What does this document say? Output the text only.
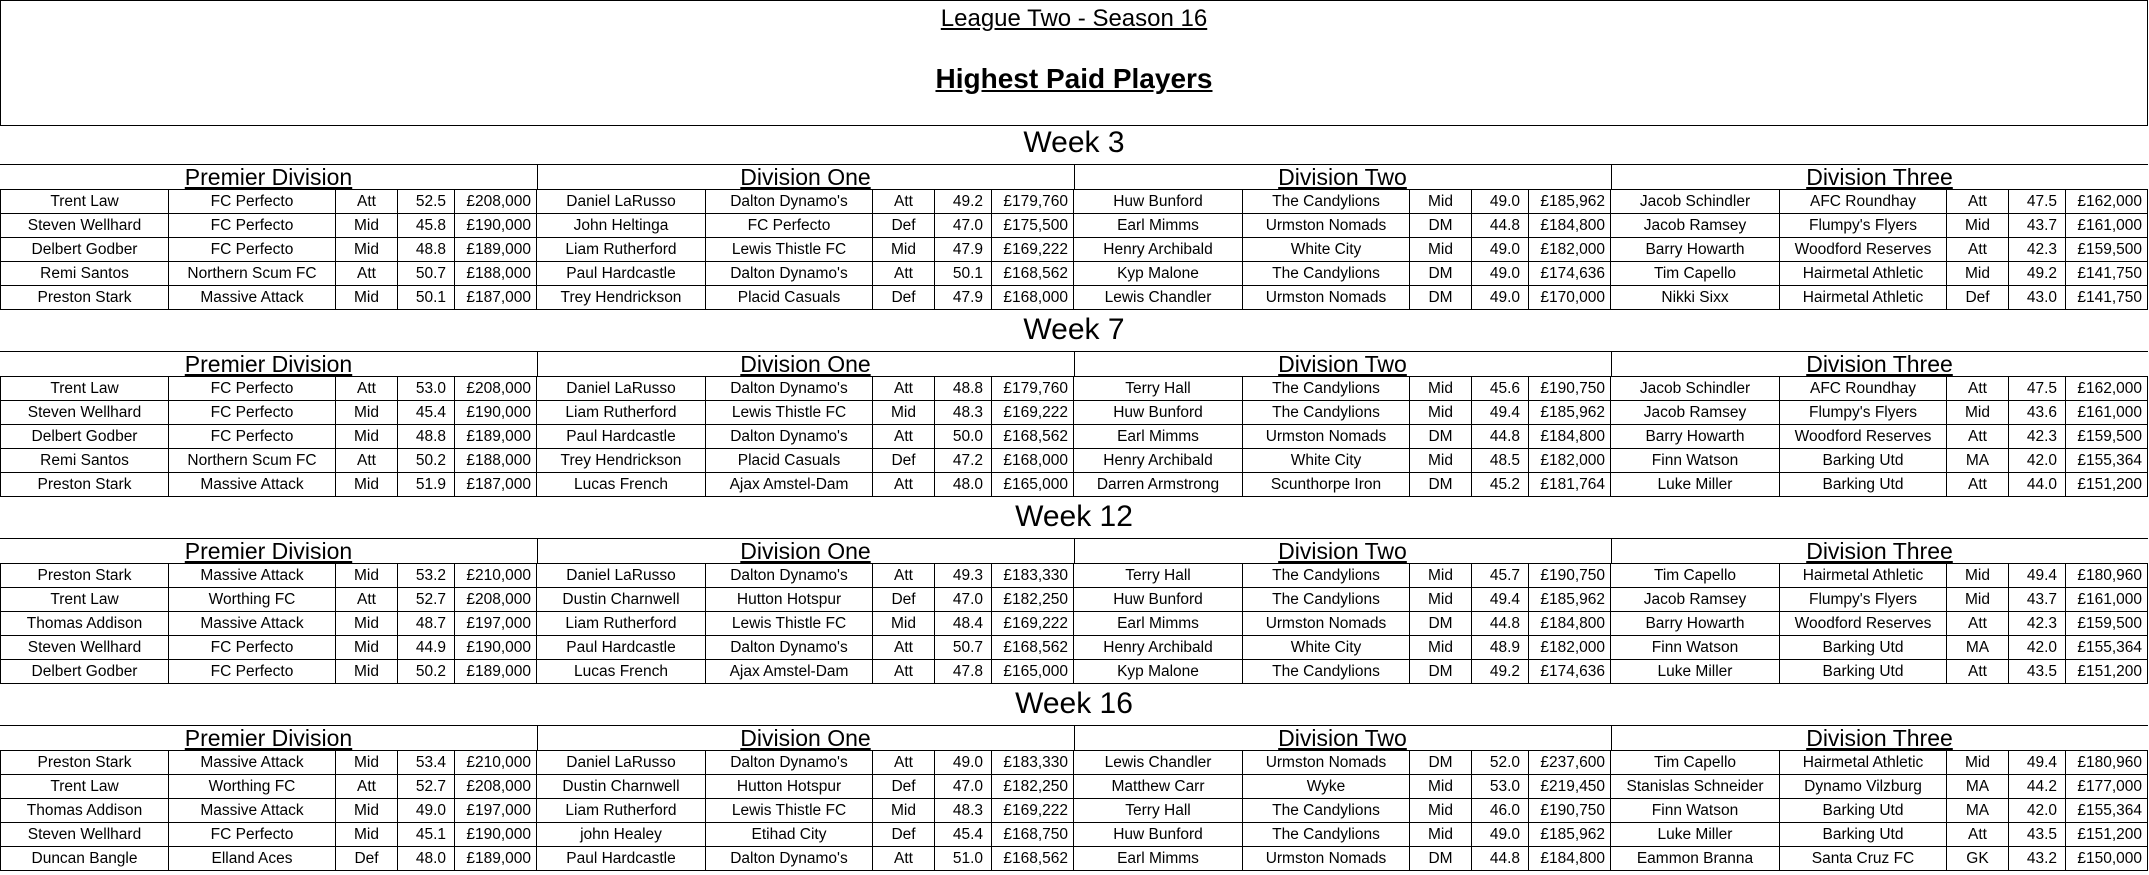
League Two - Season 16
Highest Paid Players
Week 3
Premier Division	Division One	Division Two	Division Three
Trent Law	FC Perfecto	Att	52.5	£208,000	Daniel LaRusso	Dalton Dynamo's	Att	49.2	£179,760	Huw Bunford	The Candylions	Mid	49.0	£185,962	Jacob Schindler	AFC Roundhay	Att	47.5	£162,000
Steven Wellhard	FC Perfecto	Mid	45.8	£190,000	John Heltinga	FC Perfecto	Def	47.0	£175,500	Earl Mimms	Urmston Nomads	DM	44.8	£184,800	Jacob Ramsey	Flumpy's Flyers	Mid	43.7	£161,000
Delbert Godber	FC Perfecto	Mid	48.8	£189,000	Liam Rutherford	Lewis Thistle FC	Mid	47.9	£169,222	Henry Archibald	White City	Mid	49.0	£182,000	Barry Howarth	Woodford Reserves	Att	42.3	£159,500
Remi Santos	Northern Scum FC	Att	50.7	£188,000	Paul Hardcastle	Dalton Dynamo's	Att	50.1	£168,562	Kyp Malone	The Candylions	DM	49.0	£174,636	Tim Capello	Hairmetal Athletic	Mid	49.2	£141,750
Preston Stark	Massive Attack	Mid	50.1	£187,000	Trey Hendrickson	Placid Casuals	Def	47.9	£168,000	Lewis Chandler	Urmston Nomads	DM	49.0	£170,000	Nikki Sixx	Hairmetal Athletic	Def	43.0	£141,750
Week 7
Premier Division	Division One	Division Two	Division Three
Trent Law	FC Perfecto	Att	53.0	£208,000	Daniel LaRusso	Dalton Dynamo's	Att	48.8	£179,760	Terry Hall	The Candylions	Mid	45.6	£190,750	Jacob Schindler	AFC Roundhay	Att	47.5	£162,000
Steven Wellhard	FC Perfecto	Mid	45.4	£190,000	Liam Rutherford	Lewis Thistle FC	Mid	48.3	£169,222	Huw Bunford	The Candylions	Mid	49.4	£185,962	Jacob Ramsey	Flumpy's Flyers	Mid	43.6	£161,000
Delbert Godber	FC Perfecto	Mid	48.8	£189,000	Paul Hardcastle	Dalton Dynamo's	Att	50.0	£168,562	Earl Mimms	Urmston Nomads	DM	44.8	£184,800	Barry Howarth	Woodford Reserves	Att	42.3	£159,500
Remi Santos	Northern Scum FC	Att	50.2	£188,000	Trey Hendrickson	Placid Casuals	Def	47.2	£168,000	Henry Archibald	White City	Mid	48.5	£182,000	Finn Watson	Barking Utd	MA	42.0	£155,364
Preston Stark	Massive Attack	Mid	51.9	£187,000	Lucas French	Ajax Amstel-Dam	Att	48.0	£165,000	Darren Armstrong	Scunthorpe Iron	DM	45.2	£181,764	Luke Miller	Barking Utd	Att	44.0	£151,200
Week 12
Premier Division	Division One	Division Two	Division Three
Preston Stark	Massive Attack	Mid	53.2	£210,000	Daniel LaRusso	Dalton Dynamo's	Att	49.3	£183,330	Terry Hall	The Candylions	Mid	45.7	£190,750	Tim Capello	Hairmetal Athletic	Mid	49.4	£180,960
Trent Law	Worthing FC	Att	52.7	£208,000	Dustin Charnwell	Hutton Hotspur	Def	47.0	£182,250	Huw Bunford	The Candylions	Mid	49.4	£185,962	Jacob Ramsey	Flumpy's Flyers	Mid	43.7	£161,000
Thomas Addison	Massive Attack	Mid	48.7	£197,000	Liam Rutherford	Lewis Thistle FC	Mid	48.4	£169,222	Earl Mimms	Urmston Nomads	DM	44.8	£184,800	Barry Howarth	Woodford Reserves	Att	42.3	£159,500
Steven Wellhard	FC Perfecto	Mid	44.9	£190,000	Paul Hardcastle	Dalton Dynamo's	Att	50.7	£168,562	Henry Archibald	White City	Mid	48.9	£182,000	Finn Watson	Barking Utd	MA	42.0	£155,364
Delbert Godber	FC Perfecto	Mid	50.2	£189,000	Lucas French	Ajax Amstel-Dam	Att	47.8	£165,000	Kyp Malone	The Candylions	DM	49.2	£174,636	Luke Miller	Barking Utd	Att	43.5	£151,200
Week 16
Premier Division	Division One	Division Two	Division Three
Preston Stark	Massive Attack	Mid	53.4	£210,000	Daniel LaRusso	Dalton Dynamo's	Att	49.0	£183,330	Lewis Chandler	Urmston Nomads	DM	52.0	£237,600	Tim Capello	Hairmetal Athletic	Mid	49.4	£180,960
Trent Law	Worthing FC	Att	52.7	£208,000	Dustin Charnwell	Hutton Hotspur	Def	47.0	£182,250	Matthew Carr	Wyke	Mid	53.0	£219,450	Stanislas Schneider	Dynamo Vilzburg	MA	44.2	£177,000
Thomas Addison	Massive Attack	Mid	49.0	£197,000	Liam Rutherford	Lewis Thistle FC	Mid	48.3	£169,222	Terry Hall	The Candylions	Mid	46.0	£190,750	Finn Watson	Barking Utd	MA	42.0	£155,364
Steven Wellhard	FC Perfecto	Mid	45.1	£190,000	john Healey	Etihad City	Def	45.4	£168,750	Huw Bunford	The Candylions	Mid	49.0	£185,962	Luke Miller	Barking Utd	Att	43.5	£151,200
Duncan Bangle	Elland Aces	Def	48.0	£189,000	Paul Hardcastle	Dalton Dynamo's	Att	51.0	£168,562	Earl Mimms	Urmston Nomads	DM	44.8	£184,800	Eammon Branna	Santa Cruz FC	GK	43.2	£150,000
